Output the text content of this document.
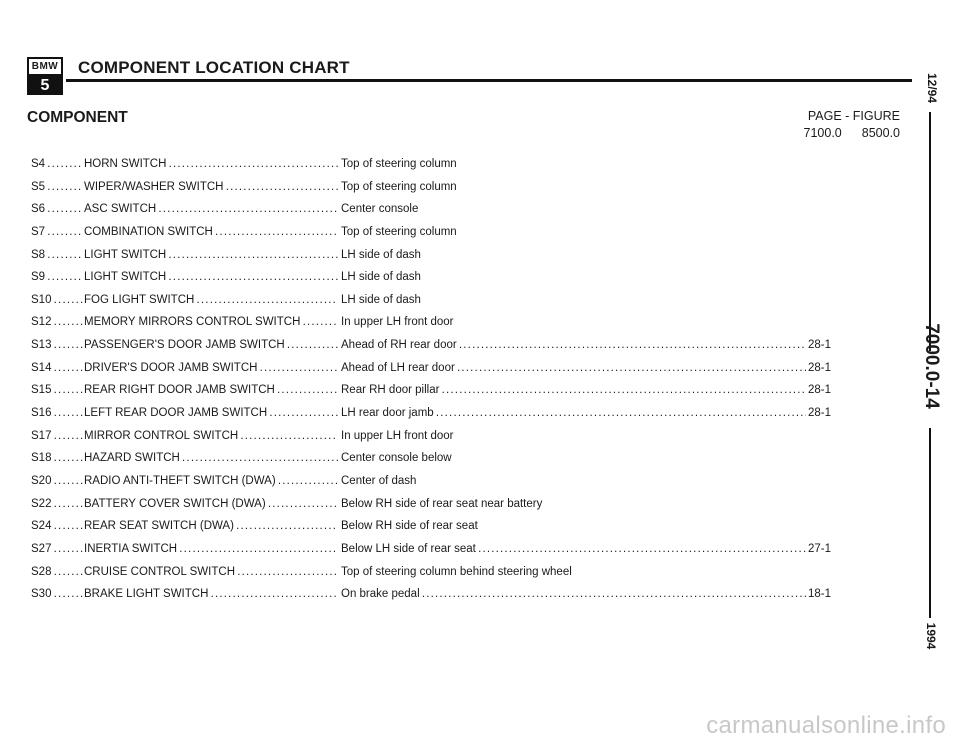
BMW
5
COMPONENT LOCATION CHART
COMPONENT	PAGE - FIGURE
7100.0 8500.0
S4 . . .	HORN SWITCH . . .	Top of steering column
S5 . . .	WIPER/WASHER SWITCH . . .	Top of steering column
S6 . . .	ASC SWITCH . . .	Center console
S7 . . .	COMBINATION SWITCH . . .	Top of steering column
S8 . . .	LIGHT SWITCH . . .	LH side of dash
S9 . . .	LIGHT SWITCH . . .	LH side of dash
S10 . . .	FOG LIGHT SWITCH . . .	LH side of dash
S12 . . .	MEMORY MIRRORS CONTROL SWITCH . . .	In upper LH front door
S13 . . .	PASSENGER'S DOOR JAMB SWITCH . . .	Ahead of RH rear door	28-1
. . .
S14 . . .	DRIVER'S DOOR JAMB SWITCH . . .	Ahead of LH rear door	28-1
. . .
S15 . . .	REAR RIGHT DOOR JAMB SWITCH . . .	Rear RH door pillar	28-1
. . .
S16 . . .	LEFT REAR DOOR JAMB SWITCH . . .	LH rear door jamb	28-1
. . .
S17 . . .	MIRROR CONTROL SWITCH . . .	In upper LH front door
S18 . . .	HAZARD SWITCH . . .	Center console below
S20 . . .	RADIO ANTI-THEFT SWITCH (DWA) . . .	Center of dash
S22 . . .	BATTERY COVER SWITCH (DWA) . . .	Below RH side of rear seat near battery
S24 . . .	REAR SEAT SWITCH (DWA) . . .	Below RH side of rear seat
S27 . . .	INERTIA SWITCH . . .	Below LH side of rear seat	27-1
. . .
S28 . . .	CRUISE CONTROL SWITCH . . .	Top of steering column behind steering wheel
S30 . . .	BRAKE LIGHT SWITCH . . .	On brake pedal	18-1
. . .
12/94
7000.0-14
1994
carmanualsonline.info
